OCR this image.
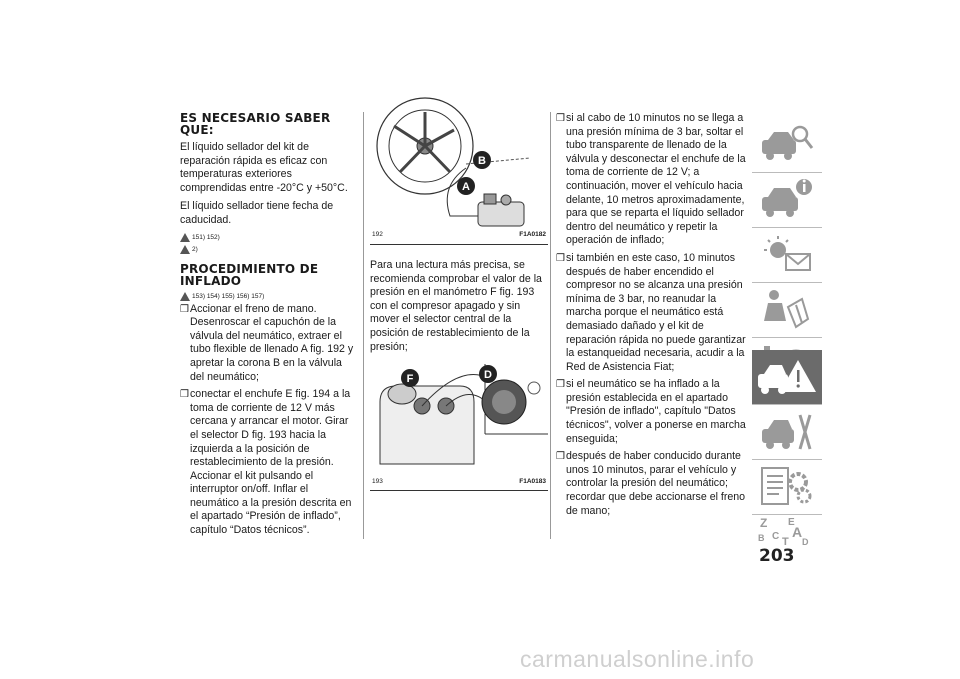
ES NECESARIO SABER QUE:

El líquido sellador del kit de reparación rápida es eficaz con temperaturas exteriores comprendidas entre -20°C y +50°C.

El líquido sellador tiene fecha de caducidad.

151) 152)
2)
PROCEDIMIENTO DE INFLADO
153) 154) 155) 156) 157)
❒ Accionar el freno de mano. Desenroscar el capuchón de la válvula del neumático, extraer el tubo flexible de llenado A fig. 192 y apretar la corona B en la válvula del neumático;
❒ conectar el enchufe E fig. 194 a la toma de corriente de 12 V más cercana y arrancar el motor. Girar el selector D fig. 193 hacia la izquierda a la posición de restablecimiento de la presión. Accionar el kit pulsando el interruptor on/off. Inflar el neumático a la presión descrita en el apartado “Presión de inflado”, capítulo “Datos técnicos”.
B
A
192	F1A0182

Para una lectura más precisa, se recomienda comprobar el valor de la presión en el manómetro F fig. 193 con el compresor apagado y sin mover el selector central de la posición de restablecimiento de la presión;

F	D
193	F1A0183
❒ si al cabo de 10 minutos no se llega a una presión mínima de 3 bar, soltar el tubo transparente de llenado de la válvula y desconectar el enchufe de la toma de corriente de 12 V; a continuación, mover el vehículo hacia delante, 10 metros aproximadamente, para que se reparta el líquido sellador dentro del neumático y repetir la operación de inflado;
❒ si también en este caso, 10 minutos después de haber encendido el compresor no se alcanza una presión mínima de 3 bar, no reanudar la marcha porque el neumático está demasiado dañado y el kit de reparación rápida no puede garantizar la estanqueidad necesaria, acudir a la Red de Asistencia Fiat;
❒ si el neumático se ha inflado a la presión establecida en el apartado "Presión de inflado", capítulo "Datos técnicos", volver a ponerse en marcha enseguida;
❒ después de haber conducido durante unos 10 minutos, parar el vehículo y controlar la presión del neumático; recordar que debe accionarse el freno de mano;
Z E
A
B C T D
203
carmanualsonline.info
